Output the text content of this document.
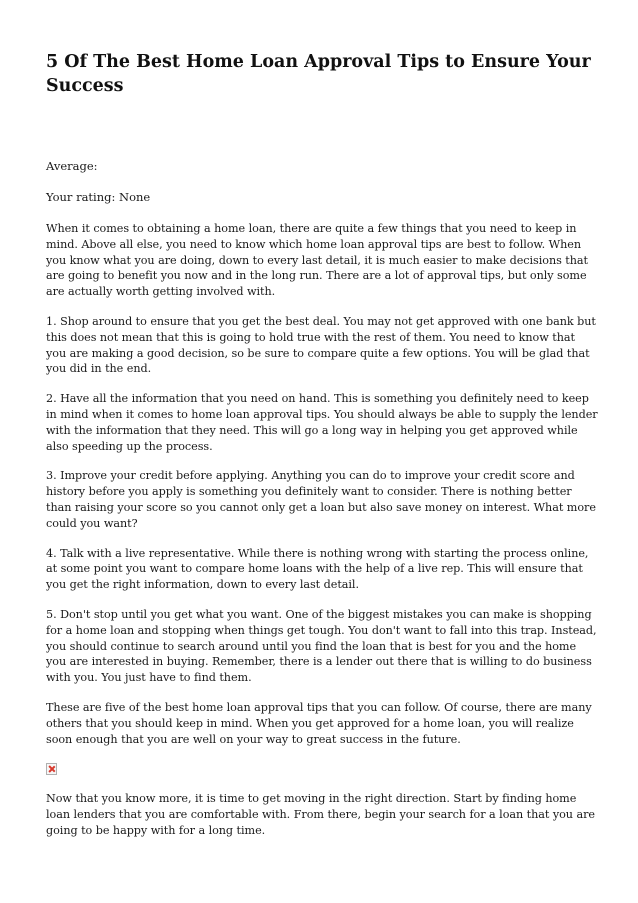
5 Of The Best Home Loan Approval Tips to Ensure Your Success

Average:

Your rating: None

When it comes to obtaining a home loan, there are quite a few things that you need to keep in mind. Above all else, you need to know which home loan approval tips are best to follow. When you know what you are doing, down to every last detail, it is much easier to make decisions that are going to benefit you now and in the long run. There are a lot of approval tips, but only some are actually worth getting involved with.

1. Shop around to ensure that you get the best deal. You may not get approved with one bank but this does not mean that this is going to hold true with the rest of them. You need to know that you are making a good decision, so be sure to compare quite a few options. You will be glad that you did in the end.

2. Have all the information that you need on hand. This is something you definitely need to keep in mind when it comes to home loan approval tips. You should always be able to supply the lender with the information that they need. This will go a long way in helping you get approved while also speeding up the process.

3. Improve your credit before applying. Anything you can do to improve your credit score and history before you apply is something you definitely want to consider. There is nothing better than raising your score so you cannot only get a loan but also save money on interest. What more could you want?

4. Talk with a live representative. While there is nothing wrong with starting the process online, at some point you want to compare home loans with the help of a live rep. This will ensure that you get the right information, down to every last detail.

5. Don't stop until you get what you want. One of the biggest mistakes you can make is shopping for a home loan and stopping when things get tough. You don't want to fall into this trap. Instead, you should continue to search around until you find the loan that is best for you and the home you are interested in buying. Remember, there is a lender out there that is willing to do business with you. You just have to find them.

These are five of the best home loan approval tips that you can follow. Of course, there are many others that you should keep in mind. When you get approved for a home loan, you will realize soon enough that you are well on your way to great success in the future.

Now that you know more, it is time to get moving in the right direction. Start by finding home loan lenders that you are comfortable with. From there, begin your search for a loan that you are going to be happy with for a long time.
